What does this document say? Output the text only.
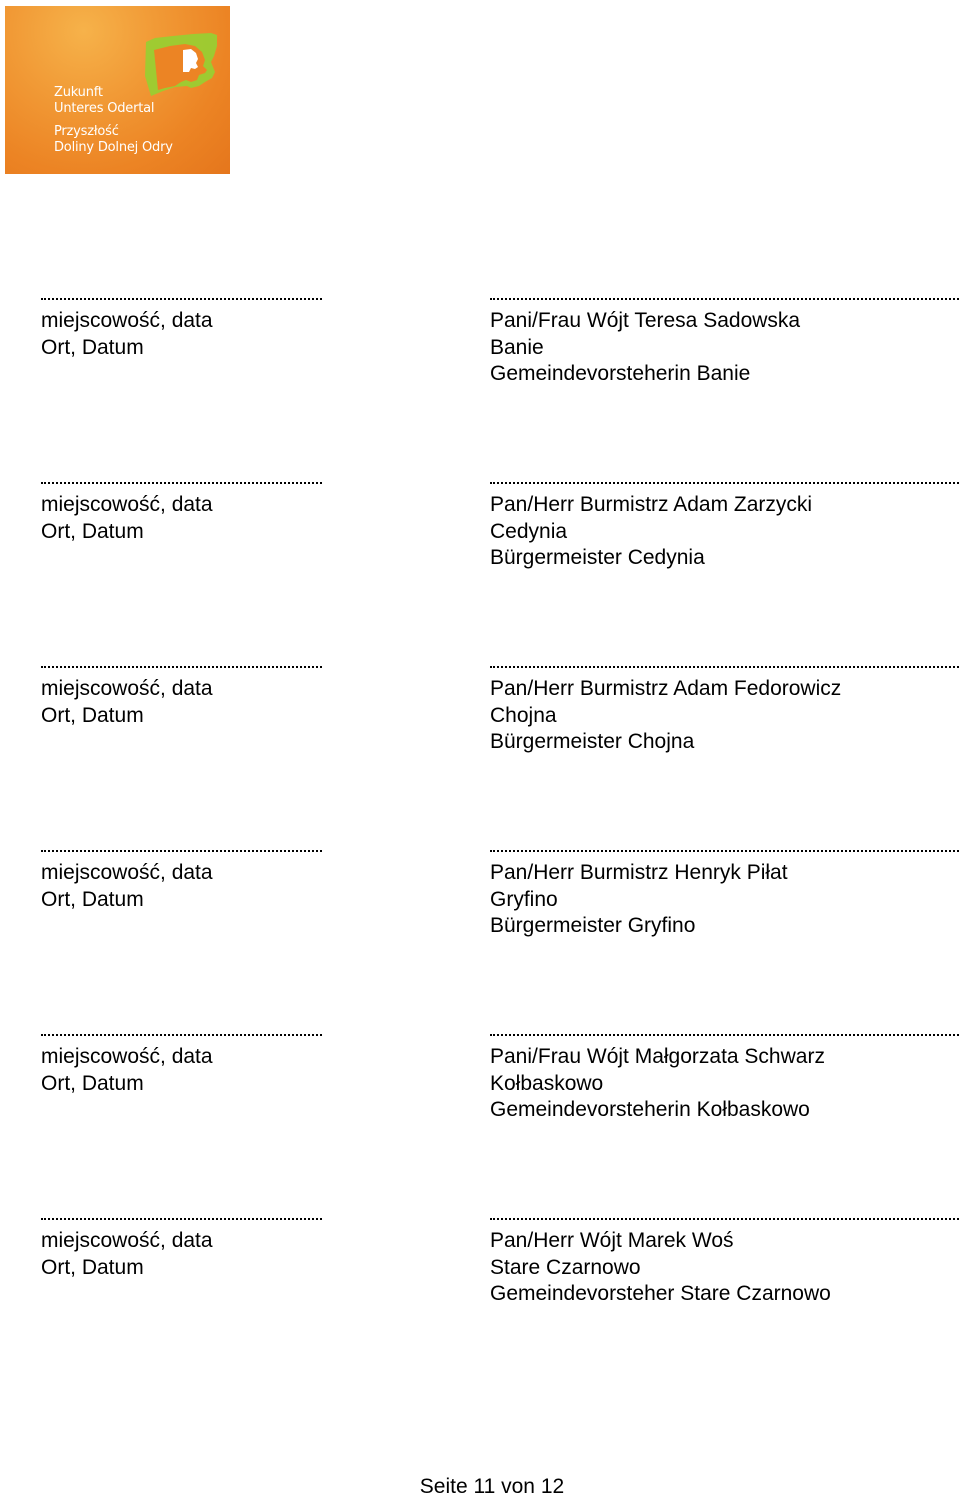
Zukunft
Unteres Odertal
Przyszłość
Doliny Dolnej Odry
miejscowość, data
Ort, Datum
Pani/Frau Wójt Teresa Sadowska
Banie
Gemeindevorsteherin Banie
miejscowość, data
Ort, Datum
Pan/Herr Burmistrz Adam Zarzycki
Cedynia
Bürgermeister Cedynia
miejscowość, data
Ort, Datum
Pan/Herr Burmistrz Adam Fedorowicz
Chojna
Bürgermeister Chojna
miejscowość, data
Ort, Datum
Pan/Herr Burmistrz Henryk Piłat
Gryfino
Bürgermeister Gryfino
miejscowość, data
Ort, Datum
Pani/Frau Wójt Małgorzata Schwarz
Kołbaskowo
Gemeindevorsteherin Kołbaskowo
miejscowość, data
Ort, Datum
Pan/Herr Wójt Marek Woś
Stare Czarnowo
Gemeindevorsteher Stare Czarnowo
Seite 11 von 12
